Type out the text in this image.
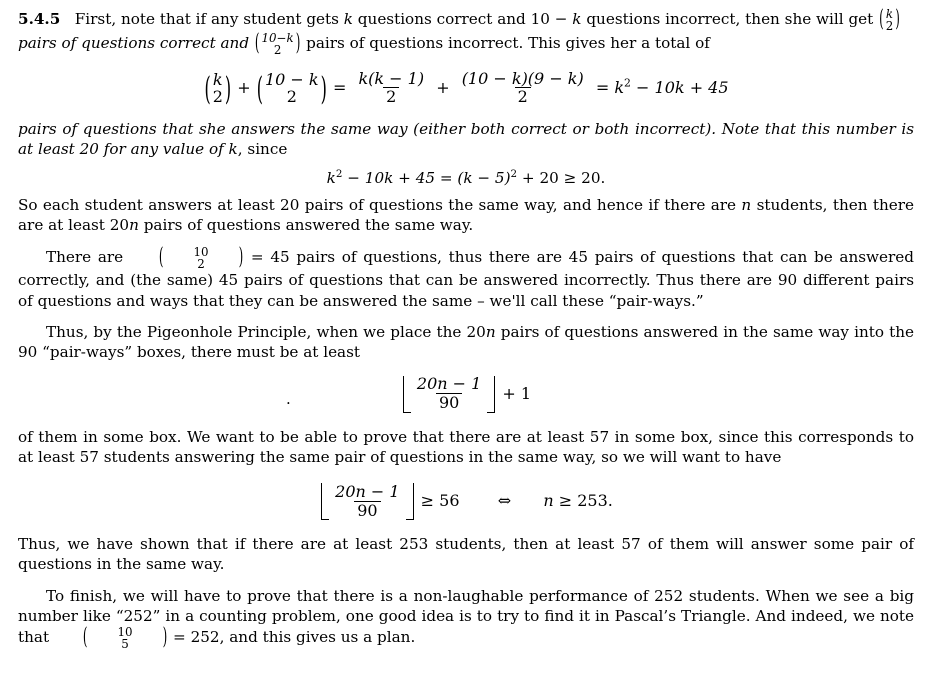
5.4.5 First, note that if any student gets k questions correct and 10 − k questions incorrect, then she will get ( k
2 )

pairs of questions correct and ( 10−k
2 ) pairs of questions incorrect. This gives her a total of

( k
2 ) + ( 10 − k
2 ) = $\frac{k(k - 1)}{2} + \frac{(10 - k)(9 - k)}{2} = k^2 - 10k + 45$

pairs of questions that she answers the same way (either both correct or both incorrect). Note that this number is at least 20 for any value of k, since

$k^2 - 10k + 45 = (k - 5)^2 + 20 \ge 20$.

So each student answers at least 20 pairs of questions the same way, and hence if there are n students, then there are at least 20n pairs of questions answered the same way.

There are	(	10
2	) = 45 pairs of questions, thus there are 45 pairs of questions that can be answered correctly, and (the same) 45 pairs of questions that can be answered incorrectly. Thus there are 90 different pairs of questions and ways that they can be answered the same – we'll call these “pair-ways.”

Thus, by the Pigeonhole Principle, when we place the 20n pairs of questions answered in the same way into the 90 “pair-ways” boxes, there must be at least

.	$\frac{20n - 1}{90} + 1$

of them in some box. We want to be able to prove that there are at least 57 in some box, since this corresponds to at least 57 students answering the same pair of questions in the same way, so we will want to have

$\frac{20n - 1}{90} \ge 56$ ⇔ n ≥ 253.

Thus, we have shown that if there are at least 253 students, then at least 57 of them will answer some pair of questions in the same way.

To finish, we will have to prove that there is a non-laughable performance of 252 students. When we see a big number like “252” in a counting problem, one good idea is to try to find it in Pascal’s Triangle. And indeed, we note that	(	10
5	) = 252, and this gives us a plan.
